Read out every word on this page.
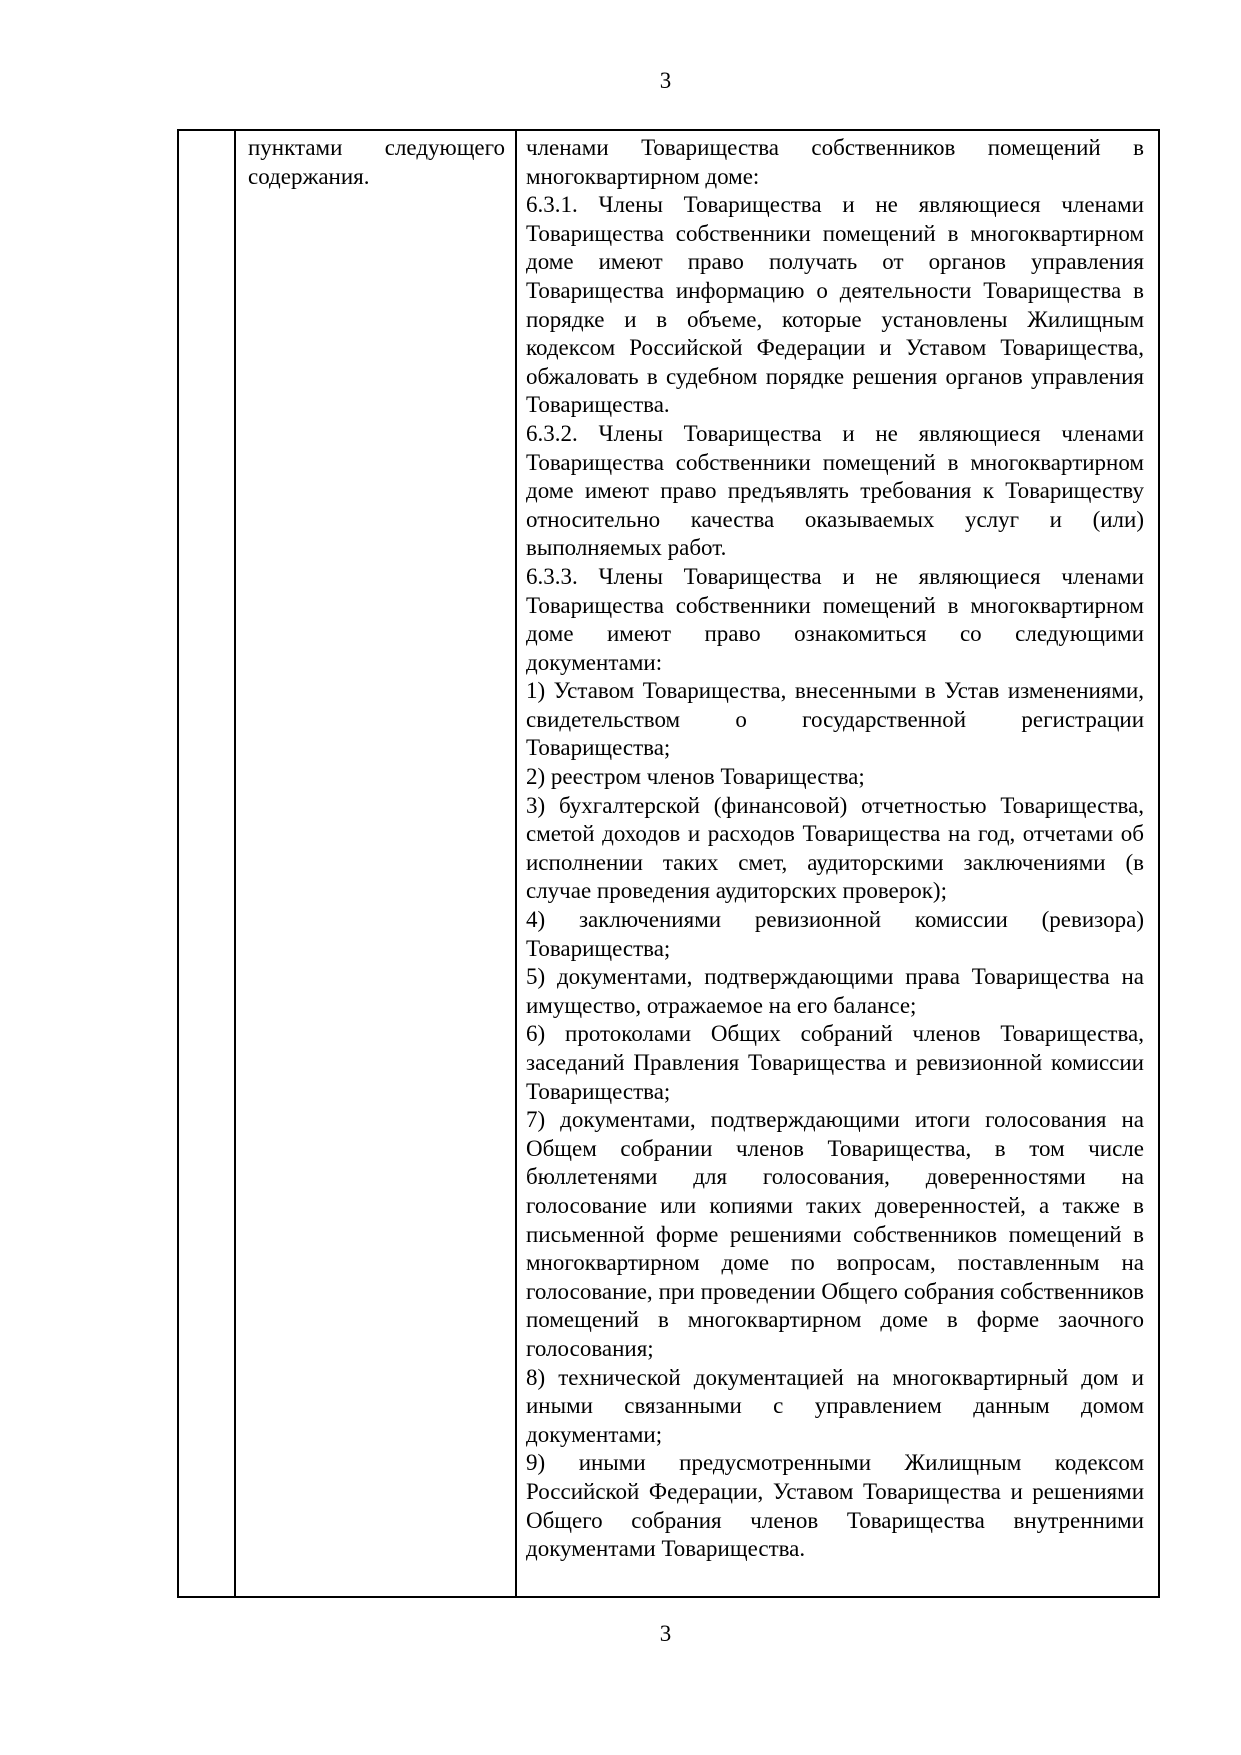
3

пунктами следующего содержания.

членами Товарищества собственников помещений в многоквартирном доме:

6.3.1. Члены Товарищества и не являющиеся членами Товарищества собственники помещений в многоквартирном доме имеют право получать от органов управления Товарищества информацию о деятельности Товарищества в порядке и в объеме, которые установлены Жилищным кодексом Российской Федерации и Уставом Товарищества, обжаловать в судебном порядке решения органов управления Товарищества.

6.3.2. Члены Товарищества и не являющиеся членами Товарищества собственники помещений в многоквартирном доме имеют право предъявлять требования к Товариществу относительно качества оказываемых услуг и (или) выполняемых работ.

6.3.3. Члены Товарищества и не являющиеся членами Товарищества собственники помещений в многоквартирном доме имеют право ознакомиться со следующими документами:

1) Уставом Товарищества, внесенными в Устав изменениями, свидетельством о государственной регистрации Товарищества;

2) реестром членов Товарищества;

3) бухгалтерской (финансовой) отчетностью Товарищества, сметой доходов и расходов Товарищества на год, отчетами об исполнении таких смет, аудиторскими заключениями (в случае проведения аудиторских проверок);

4) заключениями ревизионной комиссии (ревизора) Товарищества;

5) документами, подтверждающими права Товарищества на имущество, отражаемое на его балансе;

6) протоколами Общих собраний членов Товарищества, заседаний Правления Товарищества и ревизионной комиссии Товарищества;

7) документами, подтверждающими итоги голосования на Общем собрании членов Товарищества, в том числе бюллетенями для голосования, доверенностями на голосование или копиями таких доверенностей, а также в письменной форме решениями собственников помещений в многоквартирном доме по вопросам, поставленным на голосование, при проведении Общего собрания собственников помещений в многоквартирном доме в форме заочного голосования;

8) технической документацией на многоквартирный дом и иными связанными с управлением данным домом документами;

9) иными предусмотренными Жилищным кодексом Российской Федерации, Уставом Товарищества и решениями Общего собрания членов Товарищества внутренними документами Товарищества.

3
